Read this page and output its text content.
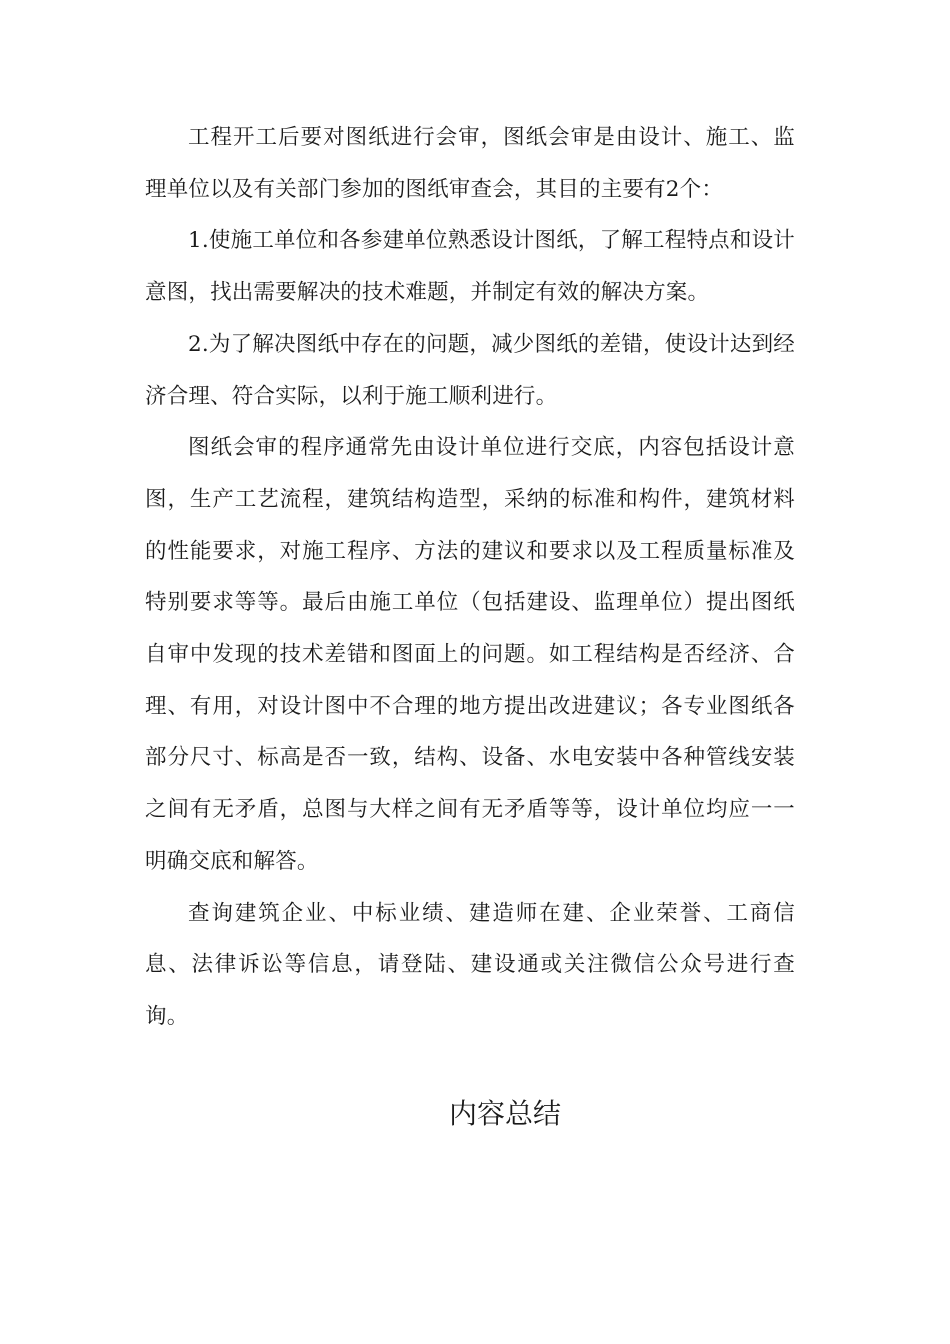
工程开工后要对图纸进行会审，图纸会审是由设计、施工、监理单位以及有关部门参加的图纸审查会，其目的主要有2个：

1.使施工单位和各参建单位熟悉设计图纸，了解工程特点和设计意图，找出需要解决的技术难题，并制定有效的解决方案。

2.为了解决图纸中存在的问题，减少图纸的差错，使设计达到经济合理、符合实际，以利于施工顺利进行。

图纸会审的程序通常先由设计单位进行交底，内容包括设计意图，生产工艺流程，建筑结构造型，采纳的标准和构件，建筑材料的性能要求，对施工程序、方法的建议和要求以及工程质量标准及特别要求等等。最后由施工单位（包括建设、监理单位）提出图纸自审中发现的技术差错和图面上的问题。如工程结构是否经济、合理、有用，对设计图中不合理的地方提出改进建议；各专业图纸各部分尺寸、标高是否一致，结构、设备、水电安装中各种管线安装之间有无矛盾，总图与大样之间有无矛盾等等，设计单位均应一一明确交底和解答。

查询建筑企业、中标业绩、建造师在建、企业荣誉、工商信息、法律诉讼等信息，请登陆、建设通或关注微信公众号进行查询。

内容总结
